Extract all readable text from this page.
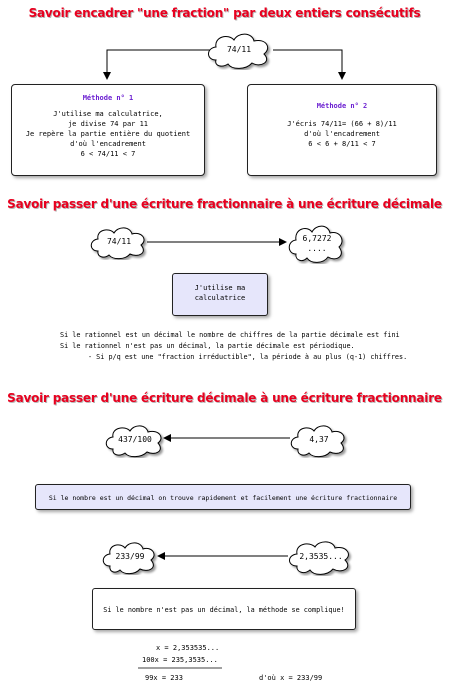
Savoir encadrer "une fraction" par deux entiers consécutifs
74/11
Méthode n° 1
J'utilise ma calculatrice,
je divise 74 par 11
Je repère la partie entière du quotient
d'où l'encadrement
6 < 74/11 < 7
Méthode n° 2
J'écris 74/11= (66 + 8)/11
d'où l'encadrement
6 < 6 + 8/11 < 7
Savoir passer d'une écriture fractionnaire à une écriture décimale
74/11	6,7272
....
J'utilise ma
calculatrice
Si le rationnel est un décimal le nombre de chiffres de la partie décimale est fini
Si le rationnel n'est pas un décimal, la partie décimale est périodique.
- Si p/q est une "fraction irréductible", la période à au plus (q-1) chiffres.
Savoir passer d'une écriture décimale à une écriture fractionnaire
437/100	4,37
Si le nombre est un décimal on trouve rapidement et facilement une écriture fractionnaire
233/99	2,3535...
Si le nombre n'est pas un décimal, la méthode se complique!
x = 2,353535...
100x = 235,3535...
99x = 233	d'où x = 233/99
